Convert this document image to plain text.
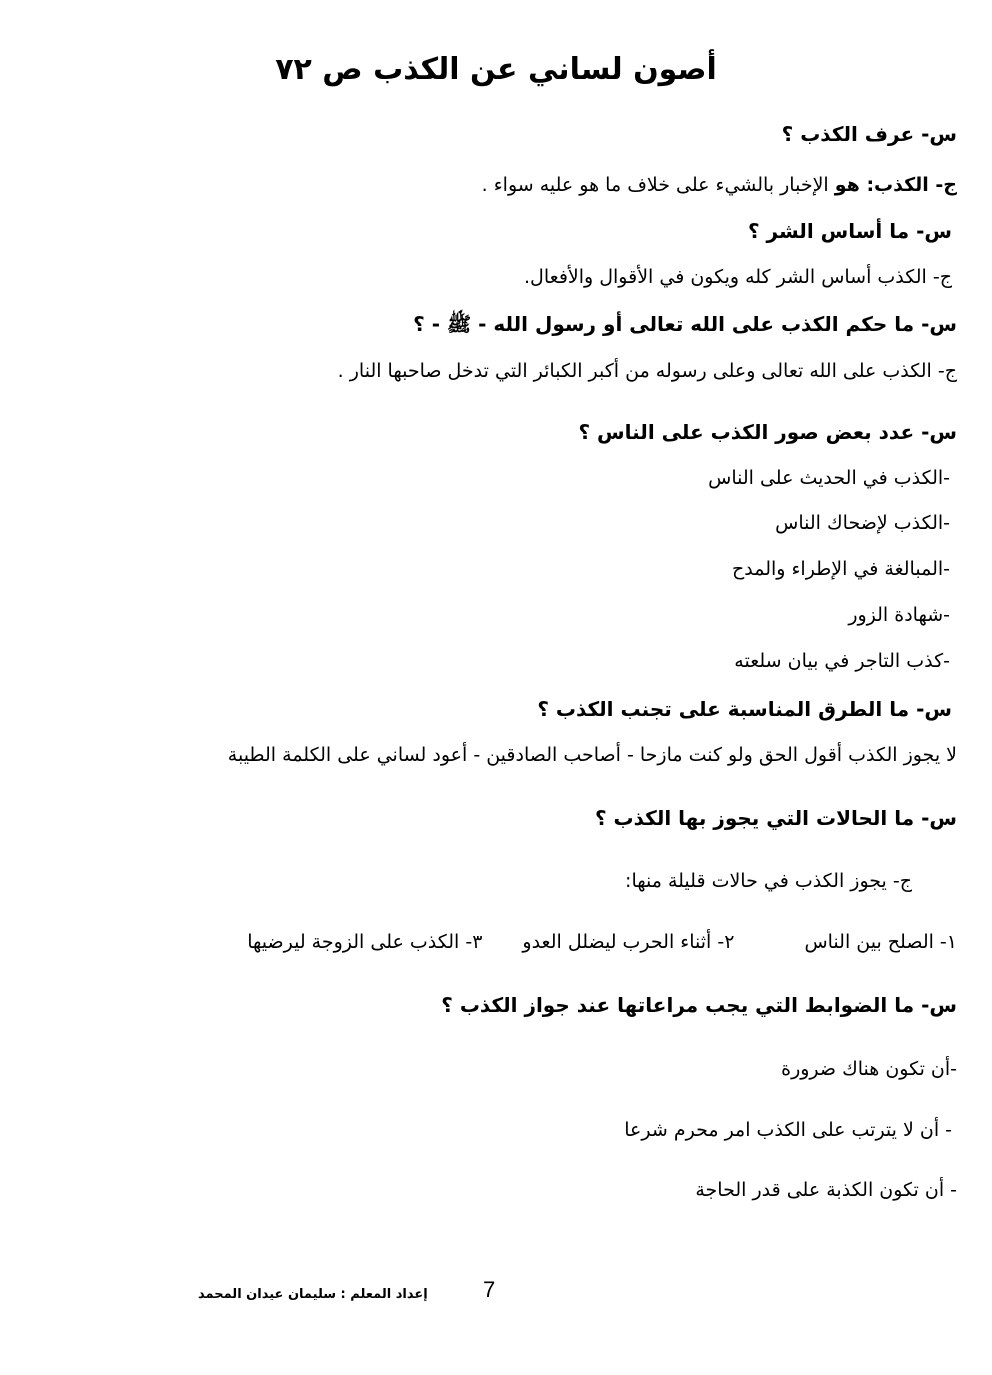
أصون لساني عن الكذب ص ٧٢
س- عرف الكذب ؟
ج- الكذب: هو الإخبار بالشيء على خلاف ما هو عليه سواء .
س- ما أساس الشر ؟
ج- الكذب أساس الشر كله ويكون في الأقوال والأفعال.
س- ما حكم الكذب على الله تعالى أو رسول الله - ﷺ - ؟
ج- الكذب على الله تعالى وعلى رسوله من أكبر الكبائر التي تدخل صاحبها النار .
س- عدد بعض صور الكذب على الناس ؟
-الكذب في الحديث على الناس
-الكذب لإضحاك الناس
-المبالغة في الإطراء والمدح
-شهادة الزور
-كذب التاجر في بيان سلعته
س- ما الطرق المناسبة على تجنب الكذب ؟
لا يجوز الكذب أقول الحق ولو كنت مازحا - أصاحب الصادقين - أعود لساني على الكلمة الطيبة
س- ما الحالات التي يجوز بها الكذب ؟
ج- يجوز الكذب في حالات قليلة منها:
١- الصلح بين الناس٢- أثناء الحرب ليضلل العدو٣- الكذب على الزوجة ليرضيها
س- ما الضوابط التي يجب مراعاتها عند جواز الكذب ؟
-أن تكون هناك ضرورة
- أن لا يترتب على الكذب امر محرم شرعا
- أن تكون الكذبة على قدر الحاجة
7
إعداد المعلم : سليمان عيدان المحمد
